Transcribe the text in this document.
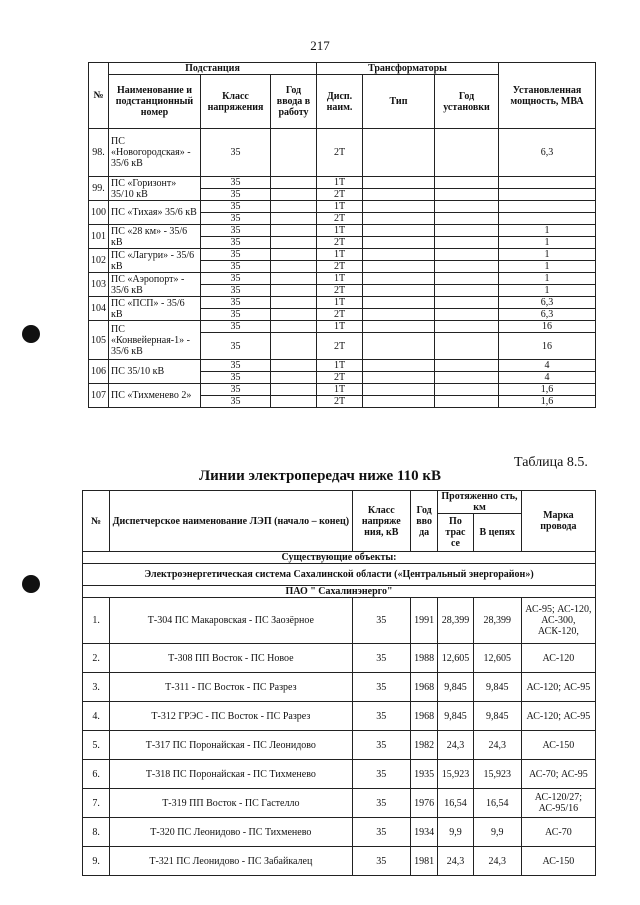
217
№	Подстанция			Трансформаторы			Установленная мощность, МВА
	Наименование и подстанционный номер	Класс напряжения	Год ввода в работу	Дисп. наим.	Тип	Год установки	
98.	ПС «Новогородская» - 35/6 кВ	35		2Т			6,3
99.	ПС «Горизонт» 35/10 кВ	35		1Т			
		35		2Т			
100	ПС «Тихая» 35/6 кВ	35		1Т			
		35		2Т			
101	ПС «28 км» - 35/6 кВ	35		1Т			1
		35		2Т			1
102	ПС «Лагури» - 35/6 кВ	35		1Т			1
		35		2Т			1
103	ПС «Аэропорт» - 35/6 кВ	35		1Т			1
		35		2Т			1
104	ПС «ПСП» - 35/6 кВ	35		1Т			6,3
		35		2Т			6,3
105	ПС «Конвейерная-1» - 35/6 кВ	35		1Т			16
		35		2Т			16
106	ПС 35/10 кВ	35		1Т			4
		35		2Т			4
107	ПС «Тихменево 2»	35		1Т			1,6
		35		2Т			1,6
Таблица 8.5.
Линии электропередач ниже 110 кВ
№	Диспетчерское наименование ЛЭП (начало – конец)	Класс напряже ния, кВ	Год вво да	Протяженно сть, км		Марка провода
				По трас се	В цепях	
Существующие объекты:						
Электроэнергетическая система Сахалинской области («Центральный энергорайон»)						
ПАО " Сахалинэнерго"						
1.	Т-304 ПС Макаровская - ПС Заозёрное	35	1991	28,399	28,399	АС-95; АС-120, АС-300, АСК-120,
2.	Т-308 ПП Восток - ПС Новое	35	1988	12,605	12,605	АС-120
3.	Т-311 - ПС Восток - ПС Разрез	35	1968	9,845	9,845	АС-120; АС-95
4.	Т-312 ГРЭС - ПС Восток - ПС Разрез	35	1968	9,845	9,845	АС-120; АС-95
5.	Т-317 ПС Поронайская - ПС Леонидово	35	1982	24,3	24,3	АС-150
6.	Т-318 ПС Поронайская - ПС Тихменево	35	1935	15,923	15,923	АС-70; АС-95
7.	Т-319 ПП Восток - ПС Гастелло	35	1976	16,54	16,54	АС-120/27; АС-95/16
8.	Т-320 ПС Леонидово - ПС Тихменево	35	1934	9,9	9,9	АС-70
9.	Т-321 ПС Леонидово - ПС Забайкалец	35	1981	24,3	24,3	АС-150
